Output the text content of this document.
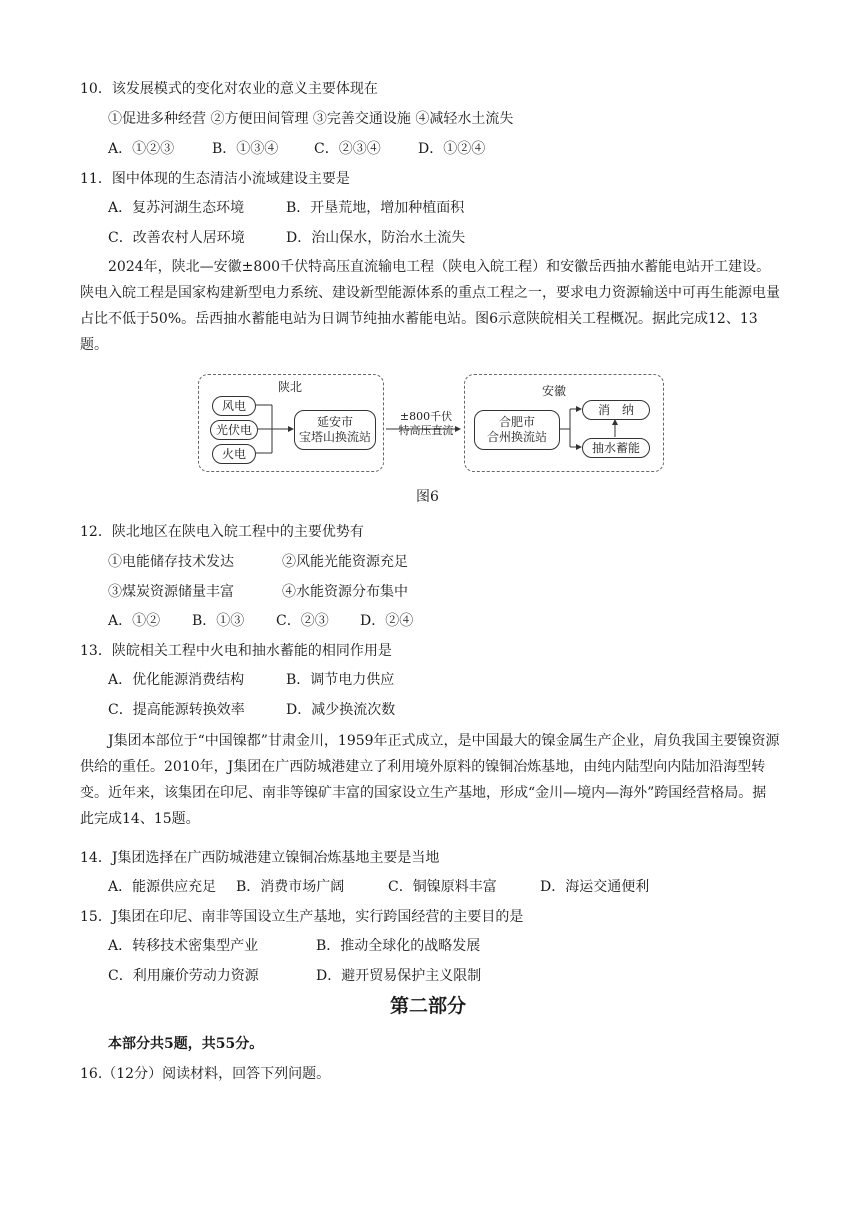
10．该发展模式的变化对农业的意义主要体现在
①促进多种经营 ②方便田间管理 ③完善交通设施 ④减轻水土流失
A．①②③	B．①③④	C．②③④	D．①②④
11．图中体现的生态清洁小流域建设主要是
A．复苏河湖生态环境	B．开垦荒地，增加种植面积
C．改善农村人居环境	D．治山保水，防治水土流失
2024年，陕北—安徽±800千伏特高压直流输电工程（陕电入皖工程）和安徽岳西抽水蓄能电站开工建设。陕电入皖工程是国家构建新型电力系统、建设新型能源体系的重点工程之一，要求电力资源输送中可再生能源电量占比不低于50%。岳西抽水蓄能电站为日调节纯抽水蓄能电站。图6示意陕皖相关工程概况。据此完成12、13题。
陕北
风电
光伏电
火电
延安市
宝塔山换流站
±800千伏
特高压直流
安徽
合肥市
合州换流站
消　纳
抽水蓄能
图6
12．陕北地区在陕电入皖工程中的主要优势有
①电能储存技术发达	②风能光能资源充足
③煤炭资源储量丰富	④水能资源分布集中
A．①② B．①③ C．②③ D．②④
13．陕皖相关工程中火电和抽水蓄能的相同作用是
A．优化能源消费结构	B．调节电力供应
C．提高能源转换效率	D．减少换流次数
J集团本部位于“中国镍都”甘肃金川，1959年正式成立，是中国最大的镍金属生产企业，肩负我国主要镍资源供给的重任。2010年，J集团在广西防城港建立了利用境外原料的镍铜冶炼基地，由纯内陆型向内陆加沿海型转变。近年来，该集团在印尼、南非等镍矿丰富的国家设立生产基地，形成“金川—境内—海外”跨国经营格局。据此完成14、15题。
14．J集团选择在广西防城港建立镍铜冶炼基地主要是当地
A．能源供应充足 B．消费市场广阔	C．铜镍原料丰富	D．海运交通便利
15．J集团在印尼、南非等国设立生产基地，实行跨国经营的主要目的是
A．转移技术密集型产业	B．推动全球化的战略发展
C．利用廉价劳动力资源	D．避开贸易保护主义限制
第二部分
本部分共5题，共55分。
16.（12分）阅读材料，回答下列问题。
